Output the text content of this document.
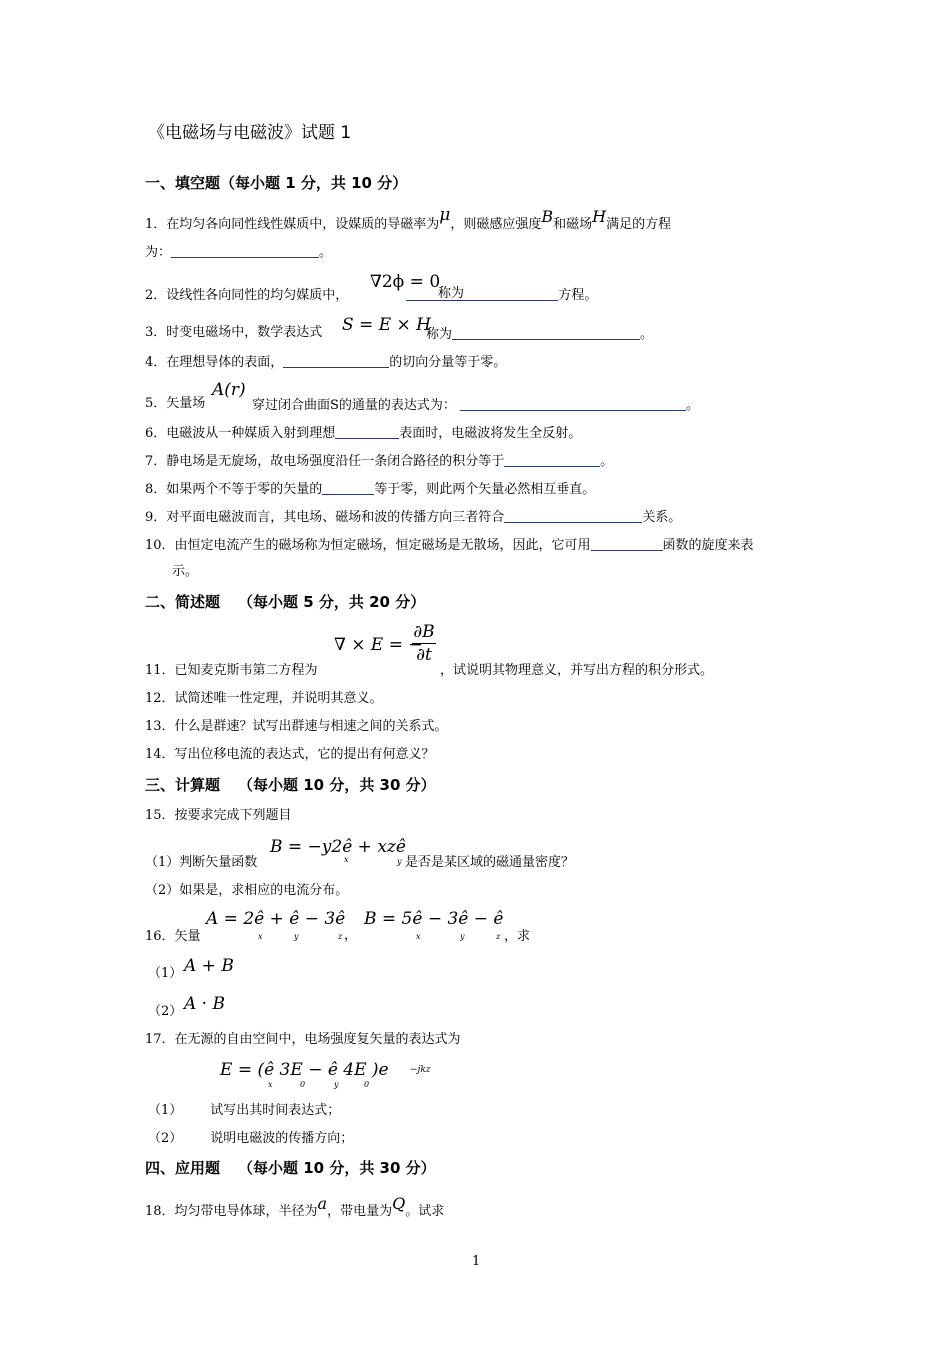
《电磁场与电磁波》试题 1
一、填空题（每小题 1 分，共 10 分）
1．在均匀各向同性线性媒质中，设媒质的导磁率为μ，则磁感应强度B和磁场H满足的方程
为：	。
2．设线性各向同性的均匀媒质中，	方程。
∇2ϕ = 0
称为
3．时变电磁场中，数学表达式 S = E × H
称为	。
4．在理想导体的表面，	的切向分量等于零。
5．矢量场
A(r)
穿过闭合曲面S的通量的表达式为：	。
6．电磁波从一种媒质入射到理想	表面时，电磁波将发生全反射。
7．静电场是无旋场，故电场强度沿任一条闭合路径的积分等于	。
8．如果两个不等于零的矢量的	等于零，则此两个矢量必然相互垂直。
9．对平面电磁波而言，其电场、磁场和波的传播方向三者符合	关系。
10．由恒定电流产生的磁场称为恒定磁场，恒定磁场是无散场，因此，它可用	函数的旋度来表
示。
二、简述题 （每小题 5 分，共 20 分）
∇ × E = −
∂B
∂t
11．已知麦克斯韦第二方程为	，试说明其物理意义，并写出方程的积分形式。
12．试简述唯一性定理，并说明其意义。
13．什么是群速？试写出群速与相速之间的关系式。
14．写出位移电流的表达式，它的提出有何意义？
三、计算题 （每小题 10 分，共 30 分）
15．按要求完成下列题目
B = −y2ê + xzê
x	y
（1）判断矢量函数	是否是某区域的磁通量密度？
（2）如果是，求相应的电流分布。
A = 2ê + ê − 3ê
x	y	z ，
B = 5ê − 3ê − ê
x	y	z
16．矢量	，求
（1） A + B
（2） A · B
17．在无源的自由空间中，电场强度复矢量的表达式为
E = (ê 3E − ê 4E )e −jkz
x	0	y	0
（1） 试写出其时间表达式；
（2） 说明电磁波的传播方向；
四、应用题 （每小题 10 分，共 30 分）
18．均匀带电导体球，半径为a，带电量为Q。试求
1
